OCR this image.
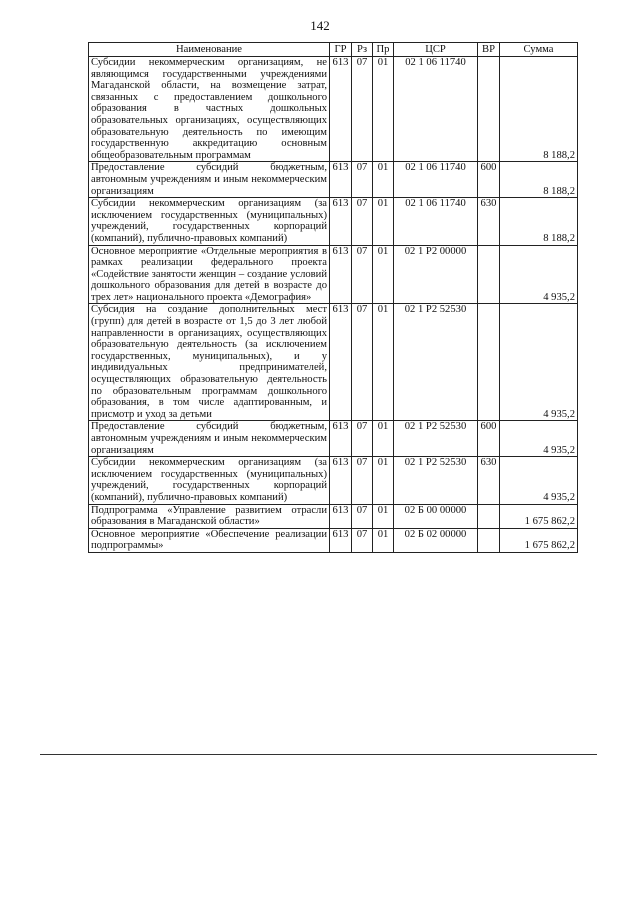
142
Наименование	ГР	Рз	Пр	ЦСР	ВР	Сумма
Субсидии некоммерческим организациям, не являющимся государственными учреждениями Магаданской области, на возмещение затрат, связанных с предоставлением дошкольного образования в частных дошкольных образовательных организациях, осуществляющих образовательную деятельность по имеющим государственную аккредитацию основным общеобразовательным программам	613	07	01	02 1 06 11740		8 188,2
Предоставление субсидий бюджетным, автономным учреждениям и иным некоммерческим организациям	613	07	01	02 1 06 11740	600	8 188,2
Субсидии некоммерческим организациям (за исключением государственных (муниципальных) учреждений, государственных корпораций (компаний), публично-правовых компаний)	613	07	01	02 1 06 11740	630	8 188,2
Основное мероприятие «Отдельные мероприятия в рамках реализации федерального проекта «Содействие занятости женщин – создание условий дошкольного образования для детей в возрасте до трех лет» национального проекта «Демография»	613	07	01	02 1 P2 00000		4 935,2
Субсидия на создание дополнительных мест (групп) для детей в возрасте от 1,5 до 3 лет любой направленности в организациях, осуществляющих образовательную деятельность (за исключением государственных, муниципальных), и у индивидуальных предпринимателей, осуществляющих образовательную деятельность по образовательным программам дошкольного образования, в том числе адаптированным, и присмотр и уход за детьми	613	07	01	02 1 P2 52530		4 935,2
Предоставление субсидий бюджетным, автономным учреждениям и иным некоммерческим организациям	613	07	01	02 1 P2 52530	600	4 935,2
Субсидии некоммерческим организациям (за исключением государственных (муниципальных) учреждений, государственных корпораций (компаний), публично-правовых компаний)	613	07	01	02 1 P2 52530	630	4 935,2
Подпрограмма «Управление развитием отрасли образования в Магаданской области»	613	07	01	02 Б 00 00000		1 675 862,2
Основное мероприятие «Обеспечение реализации подпрограммы»	613	07	01	02 Б 02 00000		1 675 862,2
